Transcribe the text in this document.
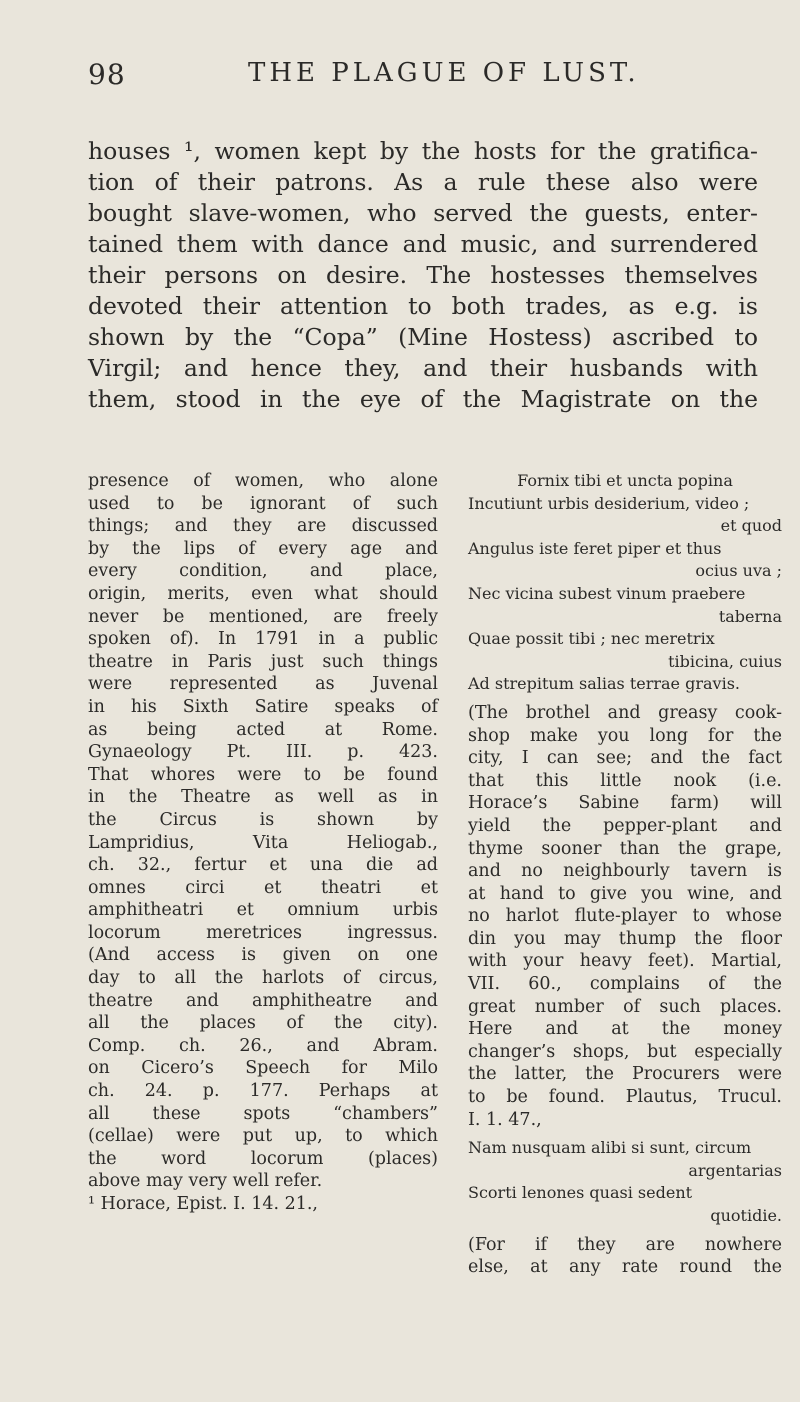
98	THE PLAGUE OF LUST.
houses ¹, women kept by the hosts for the gratifica-
tion of their patrons. As a rule these also were
bought slave-women, who served the guests, enter-
tained them with dance and music, and surrendered
their persons on desire. The hostesses themselves
devoted their attention to both trades, as e.g. is
shown by the “Copa” (Mine Hostess) ascribed to
Virgil; and hence they, and their husbands with
them, stood in the eye of the Magistrate on the
presence of women, who alone
used to be ignorant of such
things; and they are discussed
by the lips of every age and
every condition, and place,
origin, merits, even what should
never be mentioned, are freely
spoken of). In 1791 in a public
theatre in Paris just such things
were represented as Juvenal
in his Sixth Satire speaks of
as being acted at Rome.
Gynaeology Pt. III. p. 423.
That whores were to be found
in the Theatre as well as in
the Circus is shown by
Lampridius, Vita Heliogab.,
ch. 32., fertur et una die ad
omnes circi et theatri et
amphitheatri et omnium urbis
locorum meretrices ingressus.
(And access is given on one
day to all the harlots of circus,
theatre and amphitheatre and
all the places of the city).
Comp. ch. 26., and Abram.
on Cicero’s Speech for Milo
ch. 24. p. 177. Perhaps at
all these spots “chambers”
(cellae) were put up, to which
the word locorum (places)
above may very well refer.
¹ Horace, Epist. I. 14. 21.,
Fornix tibi et uncta popina
Incutiunt urbis desiderium, video ;
et quod
Angulus iste feret piper et thus
ocius uva ;
Nec vicina subest vinum praebere
taberna
Quae possit tibi ; nec meretrix
tibicina, cuius
Ad strepitum salias terrae gravis.
(The brothel and greasy cook-
shop make you long for the
city, I can see; and the fact
that this little nook (i.e.
Horace’s Sabine farm) will
yield the pepper-plant and
thyme sooner than the grape,
and no neighbourly tavern is
at hand to give you wine, and
no harlot flute-player to whose
din you may thump the floor
with your heavy feet). Martial,
VII. 60., complains of the
great number of such places.
Here and at the money
changer’s shops, but especially
the latter, the Procurers were
to be found. Plautus, Trucul.
I. 1. 47.,
Nam nusquam alibi si sunt, circum
argentarias
Scorti lenones quasi sedent
quotidie.
(For if they are nowhere
else, at any rate round the
